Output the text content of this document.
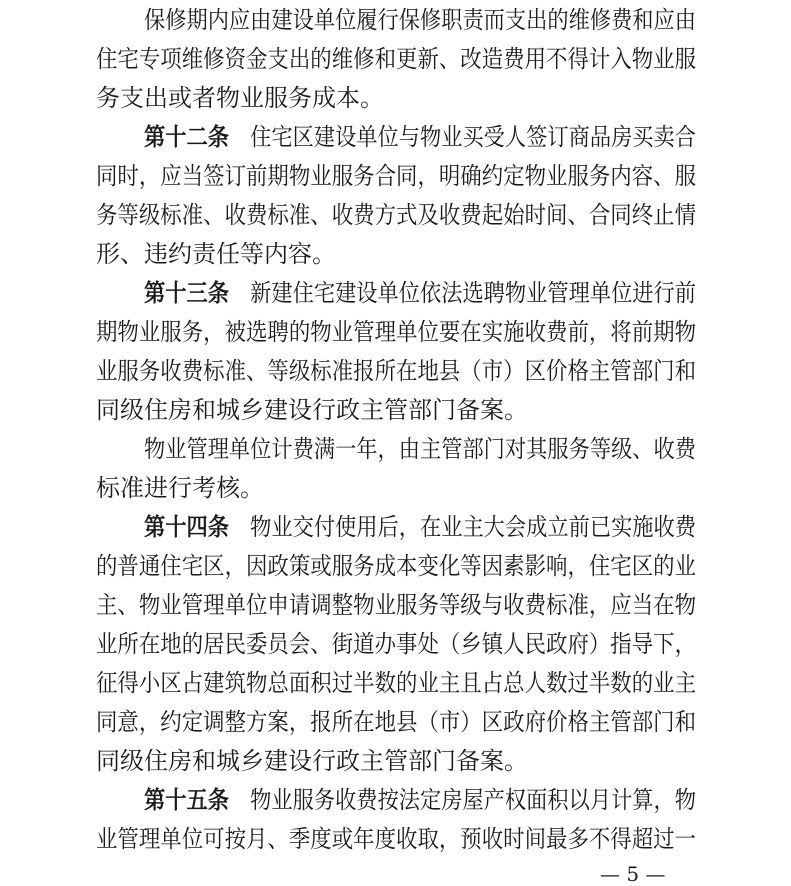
保修期内应由建设单位履行保修职责而支出的维修费和应由
住宅专项维修资金支出的维修和更新、改造费用不得计入物业服
务支出或者物业服务成本。
第十二条 住宅区建设单位与物业买受人签订商品房买卖合
同时，应当签订前期物业服务合同，明确约定物业服务内容、服
务等级标准、收费标准、收费方式及收费起始时间、合同终止情
形、违约责任等内容。
第十三条 新建住宅建设单位依法选聘物业管理单位进行前
期物业服务，被选聘的物业管理单位要在实施收费前，将前期物
业服务收费标准、等级标准报所在地县（市）区价格主管部门和
同级住房和城乡建设行政主管部门备案。
物业管理单位计费满一年，由主管部门对其服务等级、收费
标准进行考核。
第十四条 物业交付使用后，在业主大会成立前已实施收费
的普通住宅区，因政策或服务成本变化等因素影响，住宅区的业
主、物业管理单位申请调整物业服务等级与收费标准，应当在物
业所在地的居民委员会、街道办事处（乡镇人民政府）指导下，
征得小区占建筑物总面积过半数的业主且占总人数过半数的业主
同意，约定调整方案，报所在地县（市）区政府价格主管部门和
同级住房和城乡建设行政主管部门备案。
第十五条 物业服务收费按法定房屋产权面积以月计算，物
业管理单位可按月、季度或年度收取，预收时间最多不得超过一
— 5 —
